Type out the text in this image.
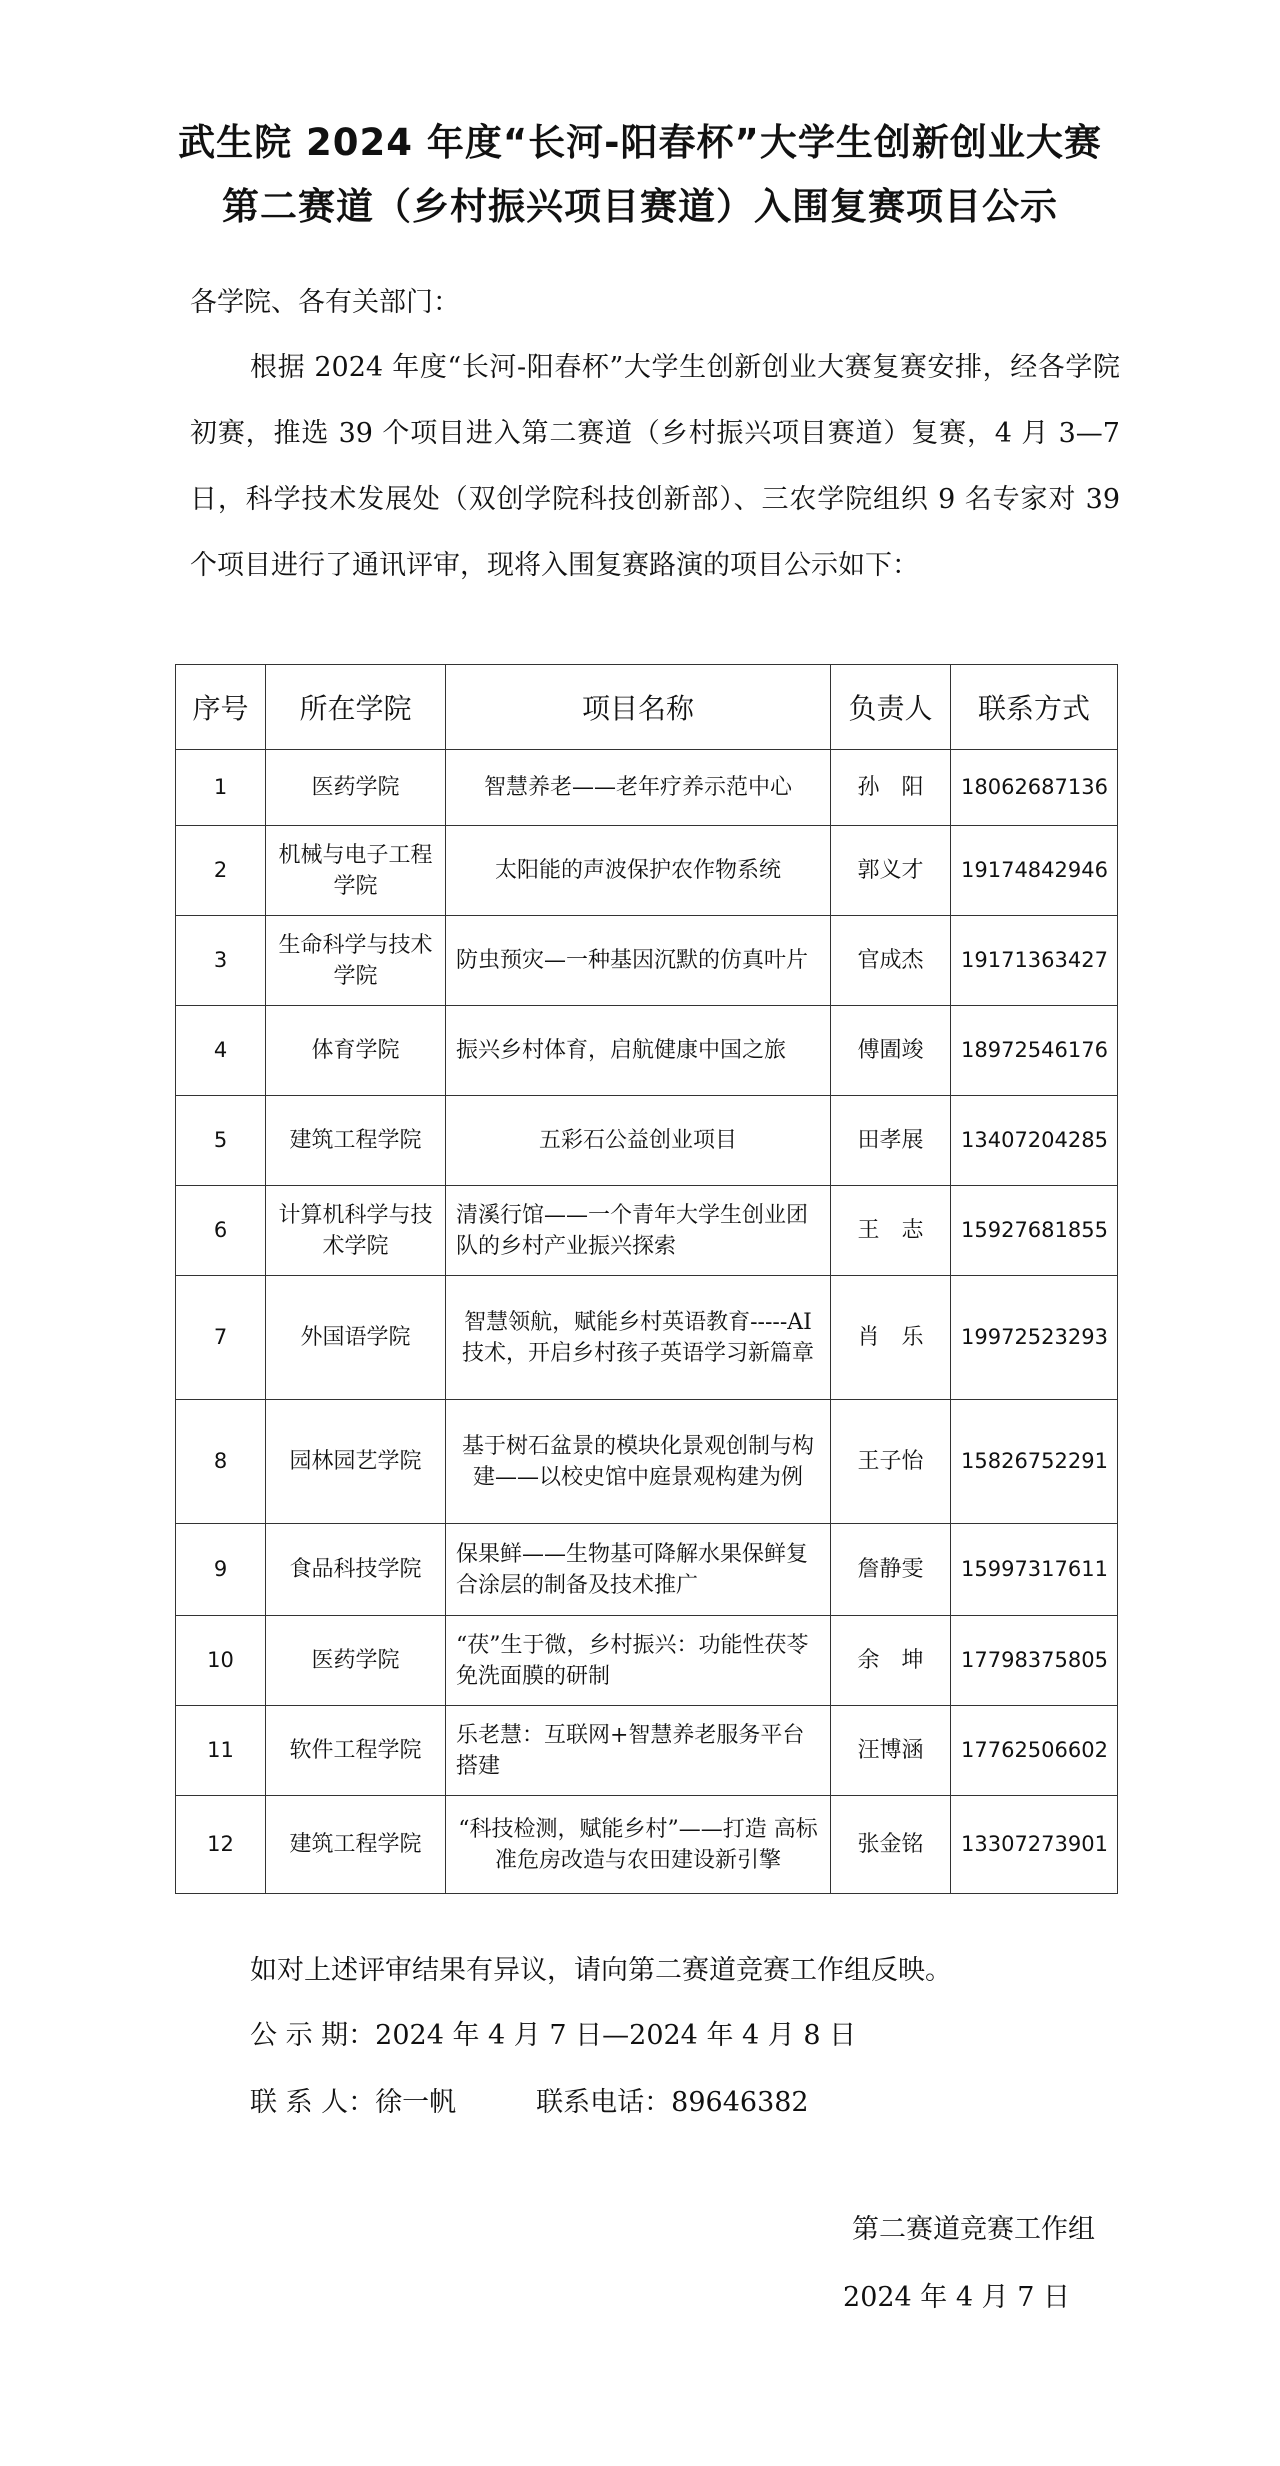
武生院 2024 年度“长河-阳春杯”大学生创新创业大赛
第二赛道（乡村振兴项目赛道）入围复赛项目公示
各学院、各有关部门：
根据 2024 年度“长河-阳春杯”大学生创新创业大赛复赛安排，经各学院初赛，推选 39 个项目进入第二赛道（乡村振兴项目赛道）复赛，4 月 3—7 日，科学技术发展处（双创学院科技创新部）、三农学院组织 9 名专家对 39 个项目进行了通讯评审，现将入围复赛路演的项目公示如下：
序号	所在学院	项目名称	负责人	联系方式
1	医药学院	智慧养老——老年疗养示范中心	孙　阳	18062687136
2	机械与电子工程学院	太阳能的声波保护农作物系统	郭义才	19174842946
3	生命科学与技术学院	防虫预灾—一种基因沉默的仿真叶片	官成杰	19171363427
4	体育学院	振兴乡村体育，启航健康中国之旅	傅圊竣	18972546176
5	建筑工程学院	五彩石公益创业项目	田孝展	13407204285
6	计算机科学与技术学院	清溪行馆——一个青年大学生创业团队的乡村产业振兴探索	王　志	15927681855
7	外国语学院	智慧领航，赋能乡村英语教育-----AI 技术，开启乡村孩子英语学习新篇章	肖　乐	19972523293
8	园林园艺学院	基于树石盆景的模块化景观创制与构建——以校史馆中庭景观构建为例	王子怡	15826752291
9	食品科技学院	保果鲜——生物基可降解水果保鲜复合涂层的制备及技术推广	詹静雯	15997317611
10	医药学院	“茯”生于微，乡村振兴：功能性茯苓免洗面膜的研制	余　坤	17798375805
11	软件工程学院	乐老慧：互联网+智慧养老服务平台搭建	汪博涵	17762506602
12	建筑工程学院	“科技检测，赋能乡村”——打造 高标准危房改造与农田建设新引擎	张金铭	13307273901
如对上述评审结果有异议，请向第二赛道竞赛工作组反映。
公 示 期：2024 年 4 月 7 日—2024 年 4 月 8 日
联 系 人：徐一帆	联系电话：89646382
第二赛道竞赛工作组
2024 年 4 月 7 日
